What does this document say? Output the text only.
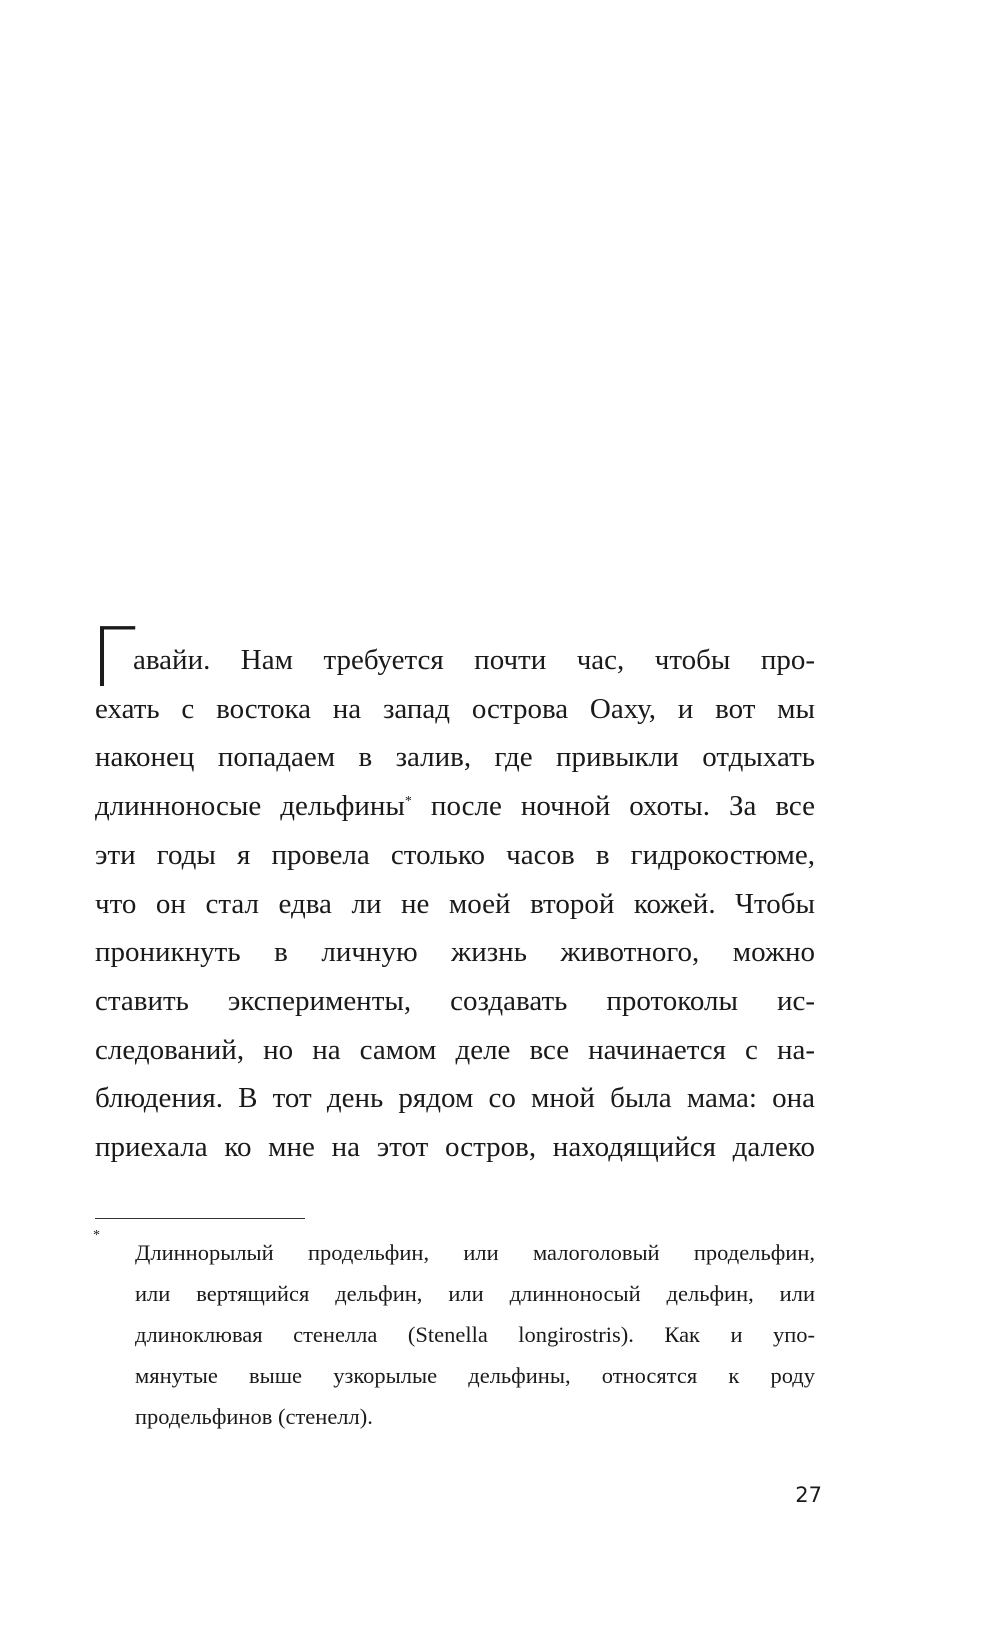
Г
авайи. Нам требуется почти час, чтобы про-
ехать с востока на запад острова Оаху, и вот мы
наконец попадаем в залив, где привыкли отдыхать
длинноносые дельфины* после ночной охоты. За все
эти годы я провела столько часов в гидрокостюме,
что он стал едва ли не моей второй кожей. Чтобы
проникнуть в личную жизнь животного, можно
ставить эксперименты, создавать протоколы ис-
следований, но на самом деле все начинается с на-
блюдения. В тот день рядом со мной была мама: она
приехала ко мне на этот остров, находящийся далеко
*
Длиннорылый продельфин, или малоголовый продельфин,
или вертящийся дельфин, или длинноносый дельфин, или
длиноклювая стенелла (Stenella longirostris). Как и упо-
мянутые выше узкорылые дельфины, относятся к роду
продельфинов (стенелл).
27
